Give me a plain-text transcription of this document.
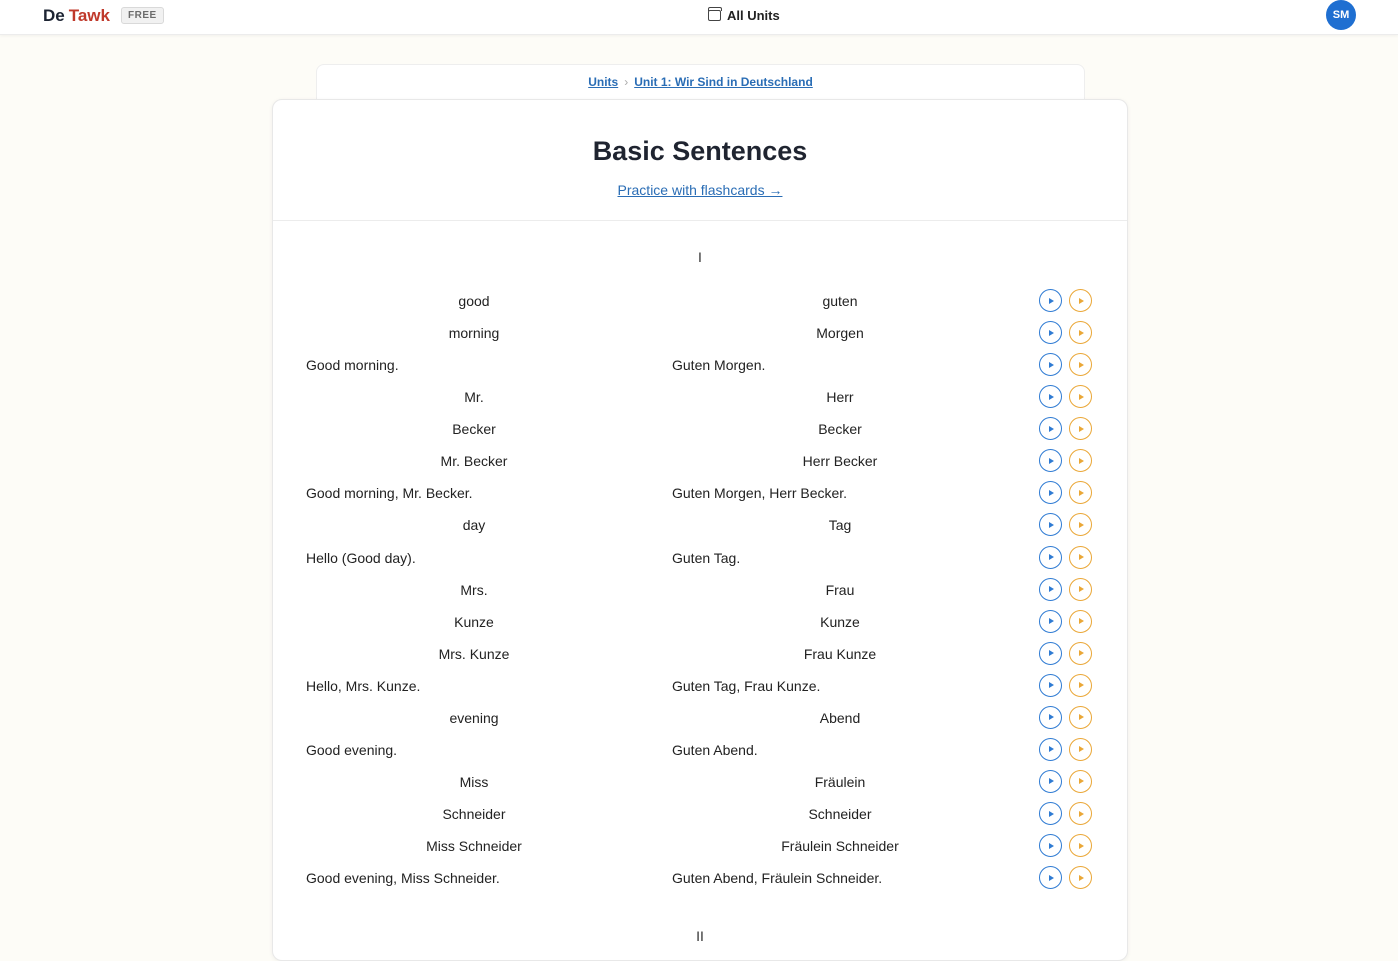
De Tawk	FREE	All Units	SM
Units › Unit 1: Wir Sind in Deutschland
Basic Sentences
Practice with flashcards →
I
good	guten
morning	Morgen
Good morning.	Guten Morgen.
Mr.	Herr
Becker	Becker
Mr. Becker	Herr Becker
Good morning, Mr. Becker.	Guten Morgen, Herr Becker.
day	Tag
Hello (Good day).	Guten Tag.
Mrs.	Frau
Kunze	Kunze
Mrs. Kunze	Frau Kunze
Hello, Mrs. Kunze.	Guten Tag, Frau Kunze.
evening	Abend
Good evening.	Guten Abend.
Miss	Fräulein
Schneider	Schneider
Miss Schneider	Fräulein Schneider
Good evening, Miss Schneider.	Guten Abend, Fräulein Schneider.
II
